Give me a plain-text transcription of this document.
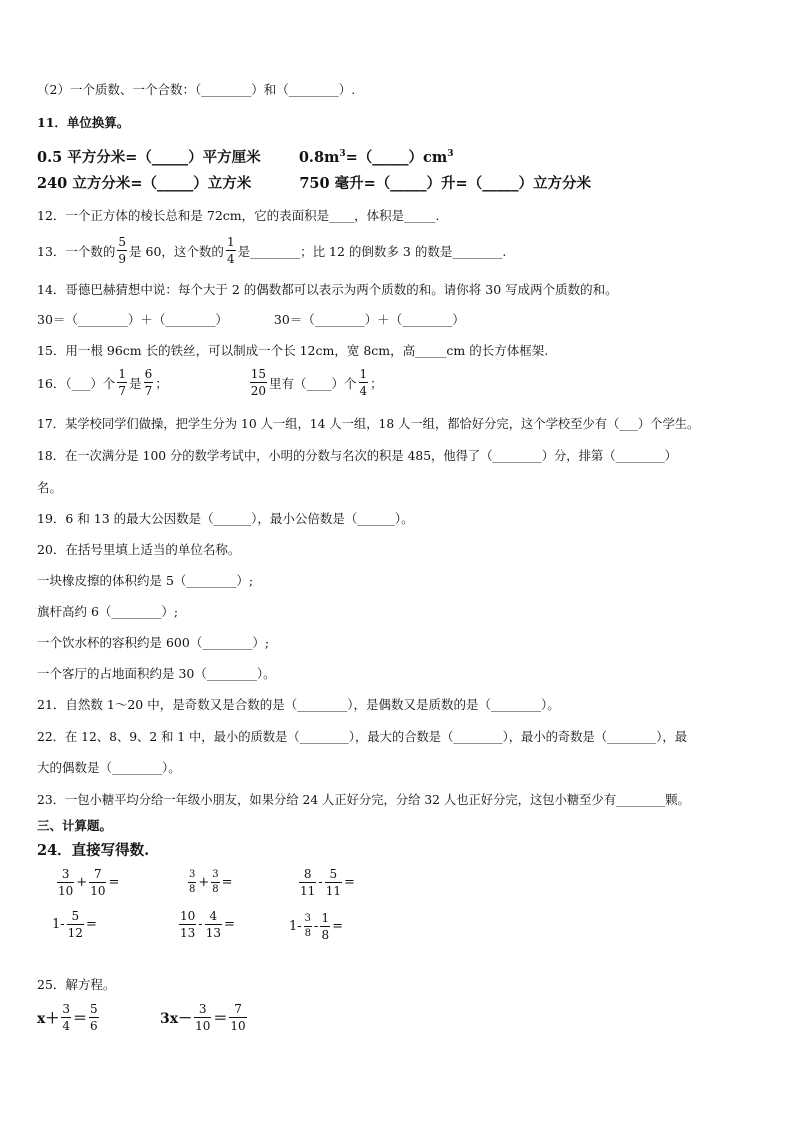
（2）一个质数、一个合数：（________）和（________）.
11．单位换算。
0.5 平方分米=（_____）平方厘米	$0.8m^3=(\_\_\_\_\_)cm^3$
240 立方分米=（_____）立方米	750 毫升=（_____）升=（_____）立方分米
12．一个正方体的棱长总和是 72cm，它的表面积是____，体积是_____.
13．一个数的 $\frac{5}{9}$ 是 60，这个数的 $\frac{1}{4}$ 是________；比 12 的倒数多 3 的数是________.
14．哥德巴赫猜想中说：每个大于 2 的偶数都可以表示为两个质数的和。请你将 30 写成两个质数的和。
30＝（________）＋（________）	30＝（________）＋（________）
15．用一根 96cm 长的铁丝，可以制成一个长 12cm，宽 8cm，高_____cm 的长方体框架.
16．（___）个 $\frac{1}{7}$ 是 $\frac{6}{7}$ ；	$\frac{15}{20}$ 里有（____）个 $\frac{1}{4}$ ；
17．某学校同学们做操，把学生分为 10 人一组，14 人一组，18 人一组，都恰好分完，这个学校至少有（___）个学生。
18．在一次满分是 100 分的数学考试中，小明的分数与名次的积是 485，他得了（________）分，排第（________）
名。
19．6 和 13 的最大公因数是（______），最小公倍数是（______）。
20．在括号里填上适当的单位名称。
一块橡皮擦的体积约是 5（________）;
旗杆高约 6（________）;
一个饮水杯的容积约是 600（________）;
一个客厅的占地面积约是 30（________）。
21．自然数 1～20 中，是奇数又是合数的是（________），是偶数又是质数的是（________）。
22．在 12、8、9、2 和 1 中，最小的质数是（________），最大的合数是（________），最小的奇数是（________），最
大的偶数是（________）。
23．一包小糖平均分给一年级小朋友，如果分给 24 人正好分完，分给 32 人也正好分完，这包小糖至少有________颗。
三、计算题。
24．直接写得数.
$\frac{3}{10} + \frac{7}{10}$ =	$\frac{3}{8} + \frac{3}{8}$ =	$\frac{8}{11} - \frac{5}{11}$ =
$1- \frac{5}{12}$ =	$\frac{10}{13} - \frac{4}{13}$ =	$1- \frac{3}{8} - \frac{1}{8}$ =
25．解方程。
$x+ \frac{3}{4} = \frac{5}{6}$	$3x- \frac{3}{10} = \frac{7}{10}$
